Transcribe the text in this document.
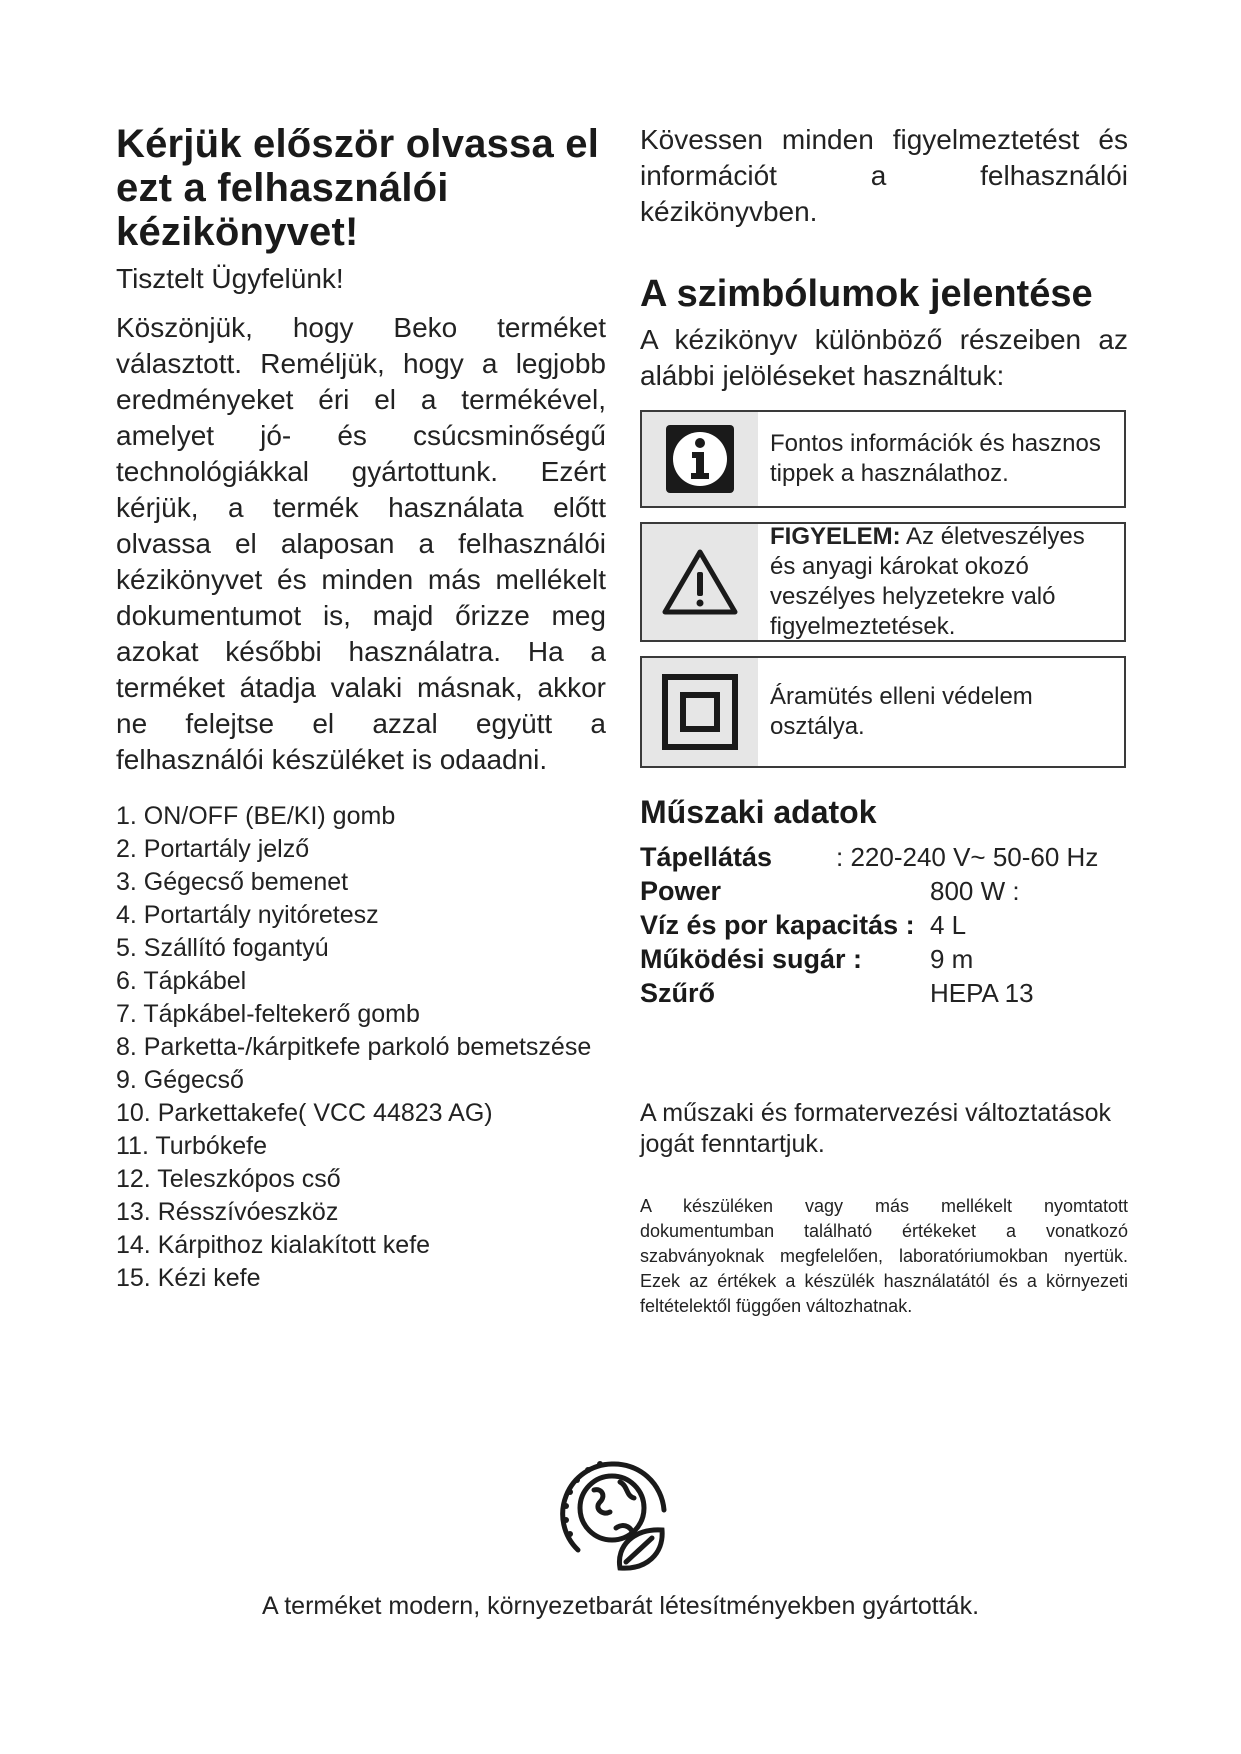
Kérjük először olvassa el ezt a felhasználói kézikönyvet!

Tisztelt Ügyfelünk!

Köszönjük, hogy Beko terméket választott. Reméljük, hogy a legjobb eredményeket éri el a termékével, amelyet jó- és csúcsminőségű technológiákkal gyártottunk. Ezért kérjük, a termék használata előtt olvassa el alaposan a felhasználói kézikönyvet és minden más mellékelt dokumentumot is, majd őrizze meg azokat későbbi használatra. Ha a terméket átadja valaki másnak, akkor ne felejtse el azzal együtt a felhasználói készüléket is odaadni.

1. ON/OFF (BE/KI) gomb
2. Portartály jelző
3. Gégecső bemenet
4. Portartály nyitóretesz
5. Szállító fogantyú
6. Tápkábel
7. Tápkábel-feltekerő gomb
8. Parketta-/kárpitkefe parkoló bemetszése
9. Gégecső
10. Parkettakefe( VCC 44823 AG)
11. Turbókefe
12. Teleszkópos cső
13. Résszívóeszköz
14. Kárpithoz kialakított kefe
15. Kézi kefe

Kövessen minden figyelmeztetést és információt a felhasználói kézikönyvben.

A szimbólumok jelentése

A kézikönyv különböző részeiben az alábbi jelöléseket használtuk:

Fontos információk és hasznos tippek a használathoz.
FIGYELEM: Az életveszélyes és anyagi károkat okozó veszélyes helyzetekre való figyelmeztetések.
Áramütés elleni védelem osztálya.
Műszaki adatok
Tápellátás	: 220-240 V~ 50-60 Hz
Power	800 W :
Víz és por kapacitás : 4 L
Működési sugár :	9 m
Szűrő	HEPA 13

A műszaki és formatervezési változtatások jogát fenntartjuk.

A készüléken vagy más mellékelt nyomtatott dokumentumban található értékeket a vonatkozó szabványoknak megfelelően, laboratóriumokban nyertük. Ezek az értékek a készülék használatától és a környezeti feltételektől függően változhatnak.

A terméket modern, környezetbarát létesítményekben gyártották.
